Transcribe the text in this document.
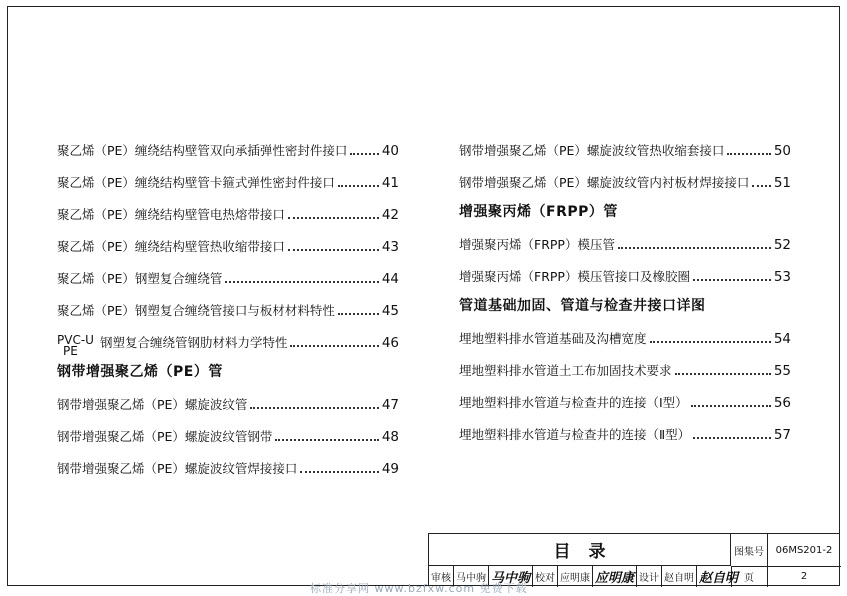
聚乙烯（PE）缠绕结构壁管双向承插弹性密封件接口	40
聚乙烯（PE）缠绕结构壁管卡箍式弹性密封件接口	41
聚乙烯（PE）缠绕结构壁管电热熔带接口	42
聚乙烯（PE）缠绕结构壁管热收缩带接口	43
聚乙烯（PE）钢塑复合缠绕管	44
聚乙烯（PE）钢塑复合缠绕管接口与板材材料特性	45
PVC-U
PE
钢塑复合缠绕管钢肋材料力学特性	46
钢带增强聚乙烯（PE）管
钢带增强聚乙烯（PE）螺旋波纹管	47
钢带增强聚乙烯（PE）螺旋波纹管钢带	48
钢带增强聚乙烯（PE）螺旋波纹管焊接接口	49
钢带增强聚乙烯（PE）螺旋波纹管热收缩套接口	50
钢带增强聚乙烯（PE）螺旋波纹管内衬板材焊接接口 51
增强聚丙烯（FRPP）管
增强聚丙烯（FRPP）模压管	52
增强聚丙烯（FRPP）模压管接口及橡胶圈	53
管道基础加固、管道与检查井接口详图
埋地塑料排水管道基础及沟槽宽度	54
埋地塑料排水管道土工布加固技术要求	55
埋地塑料排水管道与检查井的连接（Ⅰ型）	56
埋地塑料排水管道与检查井的连接（Ⅱ型）	57
目录	图集号	06MS201-2
审核 马中驹 马中驹 校对 应明康 应明康 设计 赵自明 赵自明 页	2
标准分享网 www.bzfxw.com 免费下载
